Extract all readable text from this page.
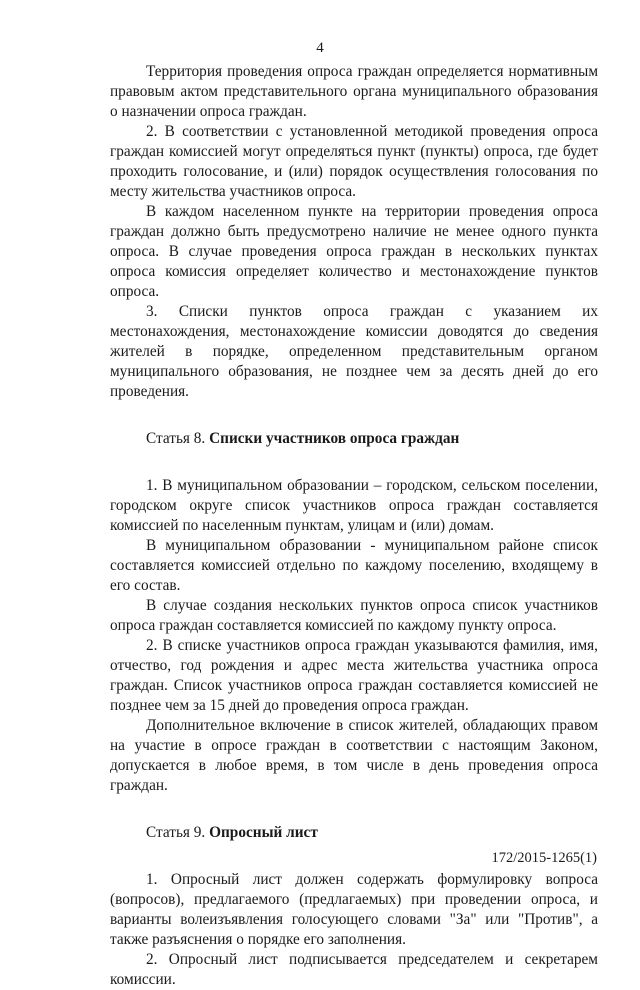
4

Территория проведения опроса граждан определяется нормативным правовым актом представительного органа муниципального образования о назначении опроса граждан.

2. В соответствии с установленной методикой проведения опроса граждан комиссией могут определяться пункт (пункты) опроса, где будет проходить голосование, и (или) порядок осуществления голосования по месту жительства участников опроса.

В каждом населенном пункте на территории проведения опроса граждан должно быть предусмотрено наличие не менее одного пункта опроса. В случае проведения опроса граждан в нескольких пунктах опроса комиссия определяет количество и местонахождение пунктов опроса.

3. Списки пунктов опроса граждан с указанием их местонахождения, местонахождение комиссии доводятся до сведения жителей в порядке, определенном представительным органом муниципального образования, не позднее чем за десять дней до его проведения.

Статья 8. Списки участников опроса граждан

1. В муниципальном образовании – городском, сельском поселении, городском округе список участников опроса граждан составляется комиссией по населенным пунктам, улицам и (или) домам.

В муниципальном образовании - муниципальном районе список составляется комиссией отдельно по каждому поселению, входящему в его состав.

В случае создания нескольких пунктов опроса список участников опроса граждан составляется комиссией по каждому пункту опроса.

2. В списке участников опроса граждан указываются фамилия, имя, отчество, год рождения и адрес места жительства участника опроса граждан. Список участников опроса граждан составляется комиссией не позднее чем за 15 дней до проведения опроса граждан.

Дополнительное включение в список жителей, обладающих правом на участие в опросе граждан в соответствии с настоящим Законом, допускается в любое время, в том числе в день проведения опроса граждан.

Статья 9. Опросный лист

1. Опросный лист должен содержать формулировку вопроса (вопросов), предлагаемого (предлагаемых) при проведении опроса, и варианты волеизъявления голосующего словами "За" или "Против", а также разъяснения о порядке его заполнения.

2. Опросный лист подписывается председателем и секретарем комиссии.

172/2015-1265(1)
